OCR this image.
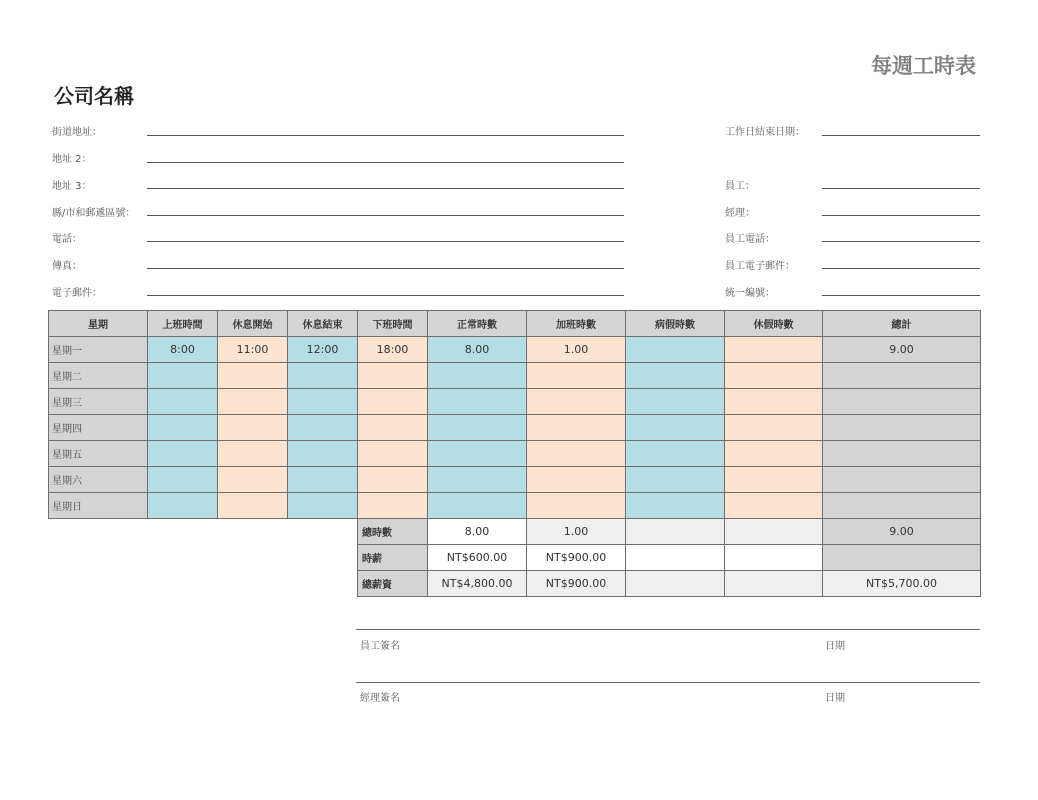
每週工時表
公司名稱
街道地址：
地址 2：
地址 3：
縣/市和郵遞區號：
電話：
傳真：
電子郵件：
工作日結束日期：
員工：
經理：
員工電話：
員工電子郵件：
統一編號：
星期	上班時間	休息開始	休息結束	下班時間	正常時數	加班時數	病假時數	休假時數	總計
星期一	8:00	11:00	12:00	18:00	8.00	1.00			9.00
星期二									
星期三									
星期四									
星期五									
星期六									
星期日									
				總時數	8.00	1.00			9.00
				時薪	NT$600.00	NT$900.00			
				總薪資	NT$4,800.00	NT$900.00			NT$5,700.00
員工簽名	日期
經理簽名	日期
